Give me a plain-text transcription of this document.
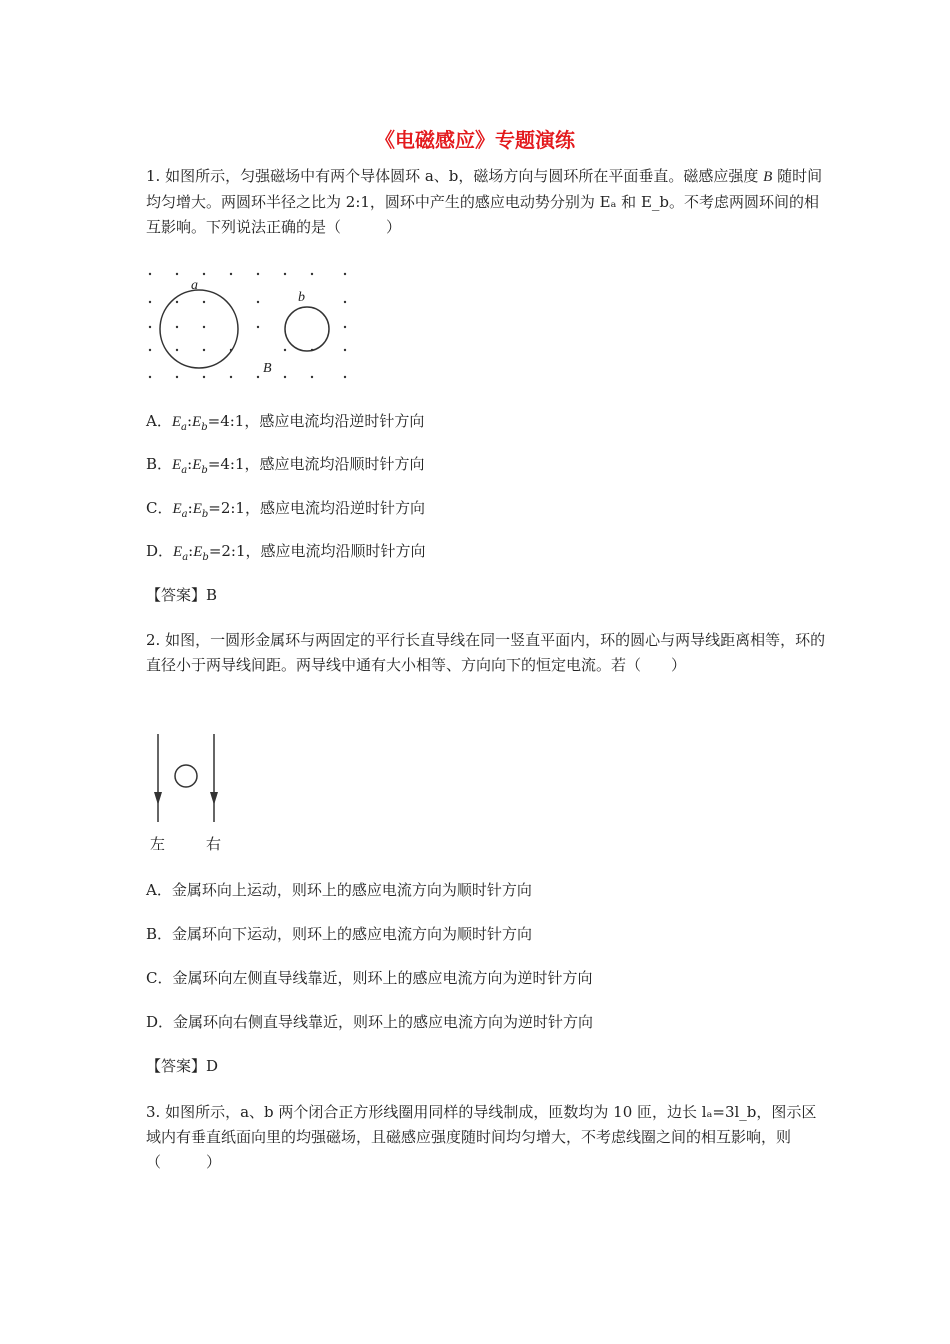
《电磁感应》专题演练
1. 如图所示，匀强磁场中有两个导体圆环 a、b，磁场方向与圆环所在平面垂直。磁感应强度 B 随时间均匀增大。两圆环半径之比为 2:1，圆环中产生的感应电动势分别为 Eₐ 和 E_b。不考虑两圆环间的相互影响。下列说法正确的是（　　　）
a
b
B
A．$E_a:E_b=4:1$，感应电流均沿逆时针方向
B．$E_a:E_b=4:1$，感应电流均沿顺时针方向
C．$E_a:E_b=2:1$，感应电流均沿逆时针方向
D．$E_a:E_b=2:1$，感应电流均沿顺时针方向
【答案】B
2. 如图，一圆形金属环与两固定的平行长直导线在同一竖直平面内，环的圆心与两导线距离相等，环的直径小于两导线间距。两导线中通有大小相等、方向向下的恒定电流。若（　　）
左	右
A．金属环向上运动，则环上的感应电流方向为顺时针方向
B．金属环向下运动，则环上的感应电流方向为顺时针方向
C．金属环向左侧直导线靠近，则环上的感应电流方向为逆时针方向
D．金属环向右侧直导线靠近，则环上的感应电流方向为逆时针方向
【答案】D
3. 如图所示，a、b 两个闭合正方形线圈用同样的导线制成，匝数均为 10 匝，边长 lₐ=3l_b，图示区域内有垂直纸面向里的均强磁场，且磁感应强度随时间均匀增大，不考虑线圈之间的相互影响，则（　　　）
